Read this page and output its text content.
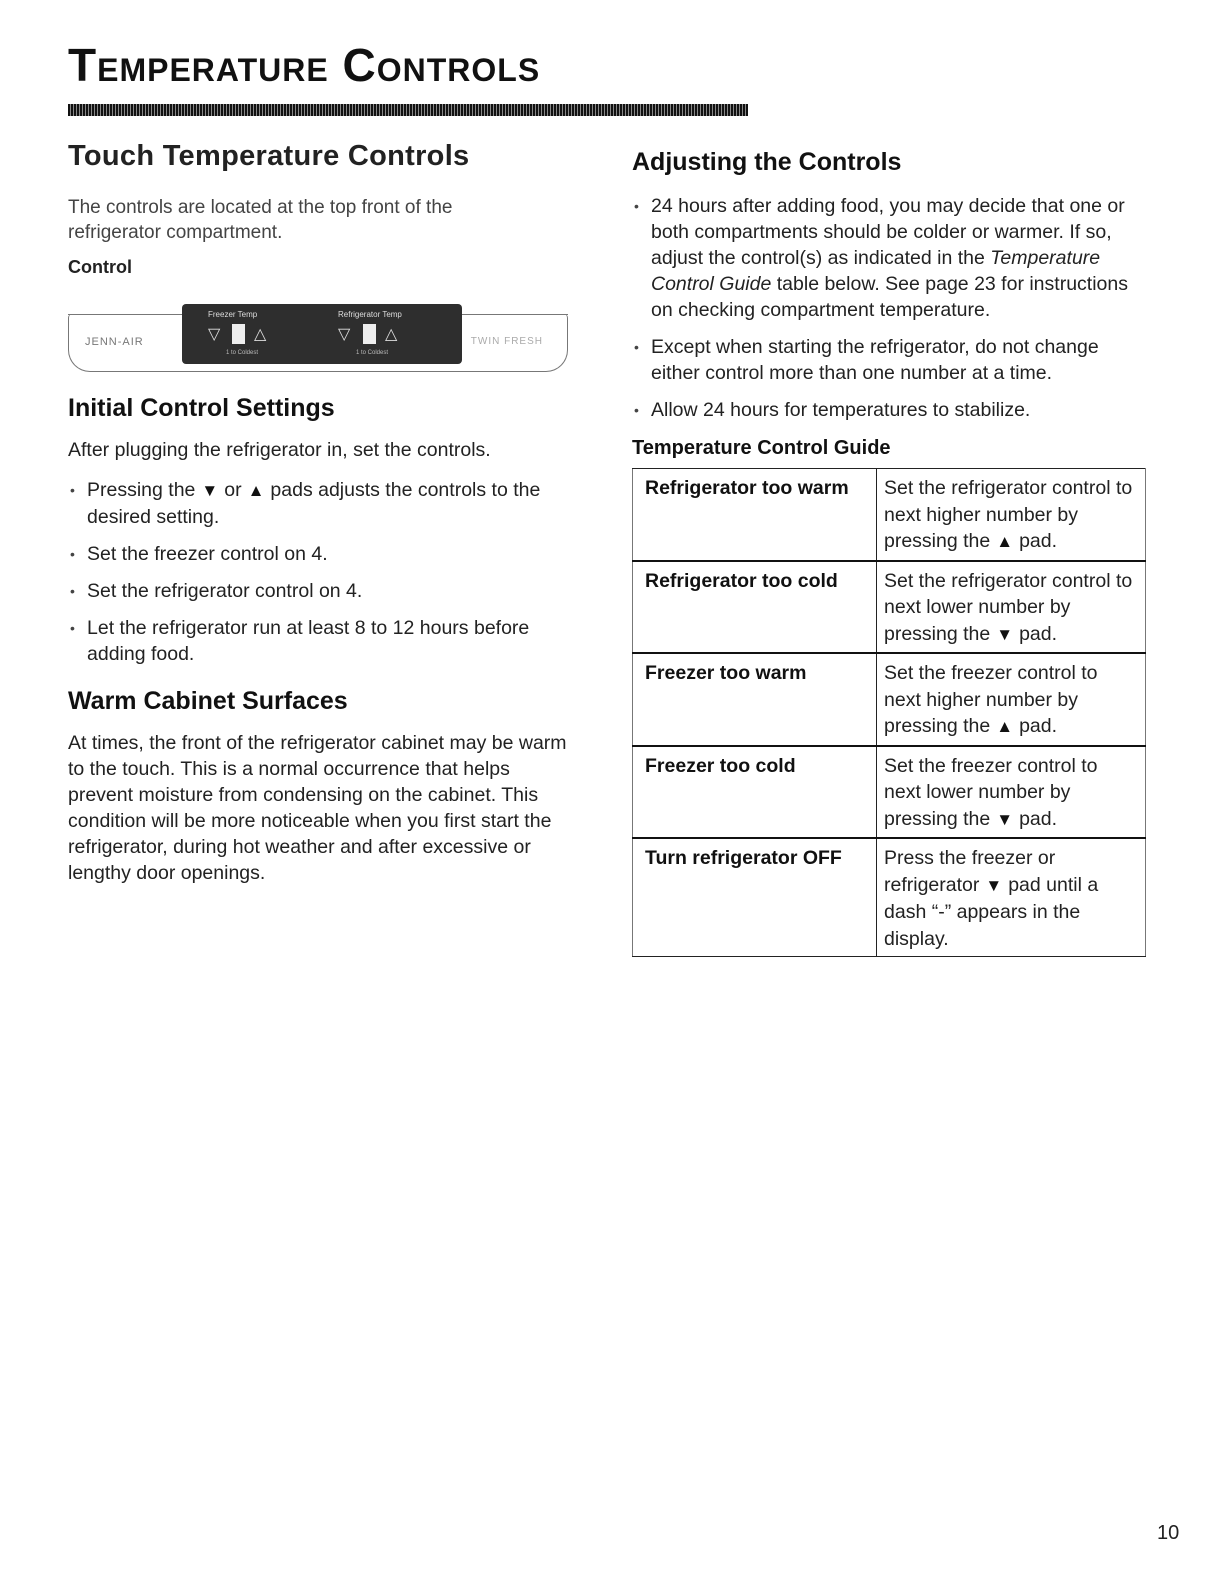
Temperature Controls
Touch Temperature Controls

The controls are located at the top front of the refrigerator compartment.

Control
JENN-AIR
Freezer Temp	Refrigerator Temp
▽ △	▽ △
1 to Coldest	1 to Coldest
TWIN FRESH
Initial Control Settings

After plugging the refrigerator in, set the controls.

• Pressing the ▼ or ▲ pads adjusts the controls to the desired setting.
• Set the freezer control on 4.
• Set the refrigerator control on 4.
• Let the refrigerator run at least 8 to 12 hours before adding food.
Warm Cabinet Surfaces

At times, the front of the refrigerator cabinet may be warm to the touch. This is a normal occurrence that helps prevent moisture from condensing on the cabinet. This condition will be more noticeable when you first start the refrigerator, during hot weather and after excessive or lengthy door openings.

Adjusting the Controls
• 24 hours after adding food, you may decide that one or both compartments should be colder or warmer. If so, adjust the control(s) as indicated in the Temperature Control Guide table below. See page 23 for instructions on checking compartment temperature.
• Except when starting the refrigerator, do not change either control more than one number at a time.
• Allow 24 hours for temperatures to stabilize.
Temperature Control Guide
Refrigerator too warm	Set the refrigerator control to next higher number by pressing the ▲ pad.
Refrigerator too cold	Set the refrigerator control to next lower number by pressing the ▼ pad.
Freezer too warm	Set the freezer control to next higher number by pressing the ▲ pad.
Freezer too cold	Set the freezer control to next lower number by pressing the ▼ pad.
Turn refrigerator OFF	Press the freezer or refrigerator ▼ pad until a dash “-” appears in the display.
10
